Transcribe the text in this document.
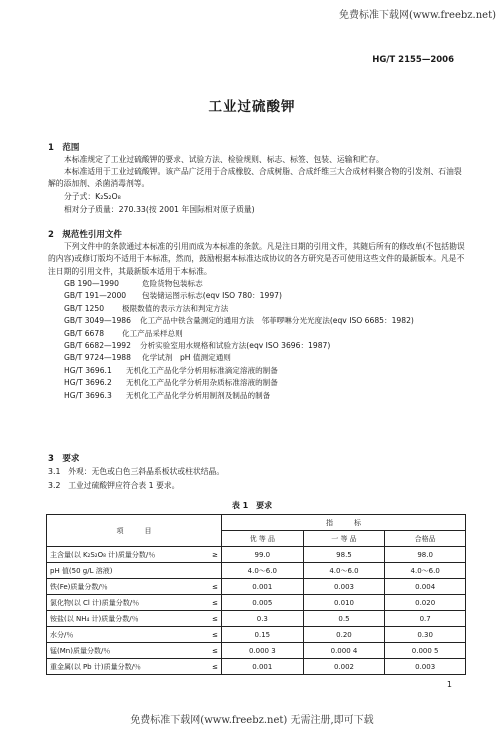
免费标准下载网(www.freebz.net)
HG/T 2155—2006
工业过硫酸钾
1　范围
本标准规定了工业过硫酸钾的要求、试验方法、检验规则、标志、标签、包装、运输和贮存。
本标准适用于工业过硫酸钾。该产品广泛用于合成橡胶、合成树脂、合成纤维三大合成材料聚合物的引发剂、石油裂解的添加剂、杀菌消毒剂等。
分子式：K₂S₂O₈
相对分子质量：270.33(按 2001 年国际相对原子质量)
2　规范性引用文件
下列文件中的条款通过本标准的引用而成为本标准的条款。凡是注日期的引用文件，其随后所有的修改单(不包括勘误的内容)或修订版均不适用于本标准，然而，鼓励根据本标准达成协议的各方研究是否可使用这些文件的最新版本。凡是不注日期的引用文件，其最新版本适用于本标准。
GB 190—1990	危险货物包装标志
GB/T 191—2000 包装储运图示标志(eqv ISO 780：1997)
GB/T 1250 极限数值的表示方法和判定方法
GB/T 3049—1986 化工产品中铁含量测定的通用方法　邻菲啰啉分光光度法(eqv ISO 6685：1982)
GB/T 6678 化工产品采样总则
GB/T 6682—1992 分析实验室用水规格和试验方法(eqv ISO 3696：1987)
GB/T 9724—1988 化学试剂　pH 值测定通则
HG/T 3696.1 无机化工产品化学分析用标准滴定溶液的制备
HG/T 3696.2 无机化工产品化学分析用杂质标准溶液的制备
HG/T 3696.3 无机化工产品化学分析用制剂及制品的制备
3　要求
3.1　外观：无色或白色三斜晶系板状或柱状结晶。
3.2　工业过硫酸钾应符合表 1 要求。
表 1　要求
项　　　目		指　　　标		
		优 等 品	一 等 品	合格品
主含量(以 K₂S₂O₈ 计)质量分数/％	≥	99.0	98.5	98.0
pH 值(50 g/L 溶液)		4.0～6.0	4.0～6.0	4.0～6.0
铁(Fe)质量分数/％	≤	0.001	0.003	0.004
氯化物(以 Cl 计)质量分数/％	≤	0.005	0.010	0.020
铵盐(以 NH₄ 计)质量分数/％	≤	0.3	0.5	0.7
水分/％	≤	0.15	0.20	0.30
锰(Mn)质量分数/％	≤	0.000 3	0.000 4	0.000 5
重金属(以 Pb 计)质量分数/％	≤	0.001	0.002	0.003
1
免费标准下载网(www.freebz.net) 无需注册,即可下载
